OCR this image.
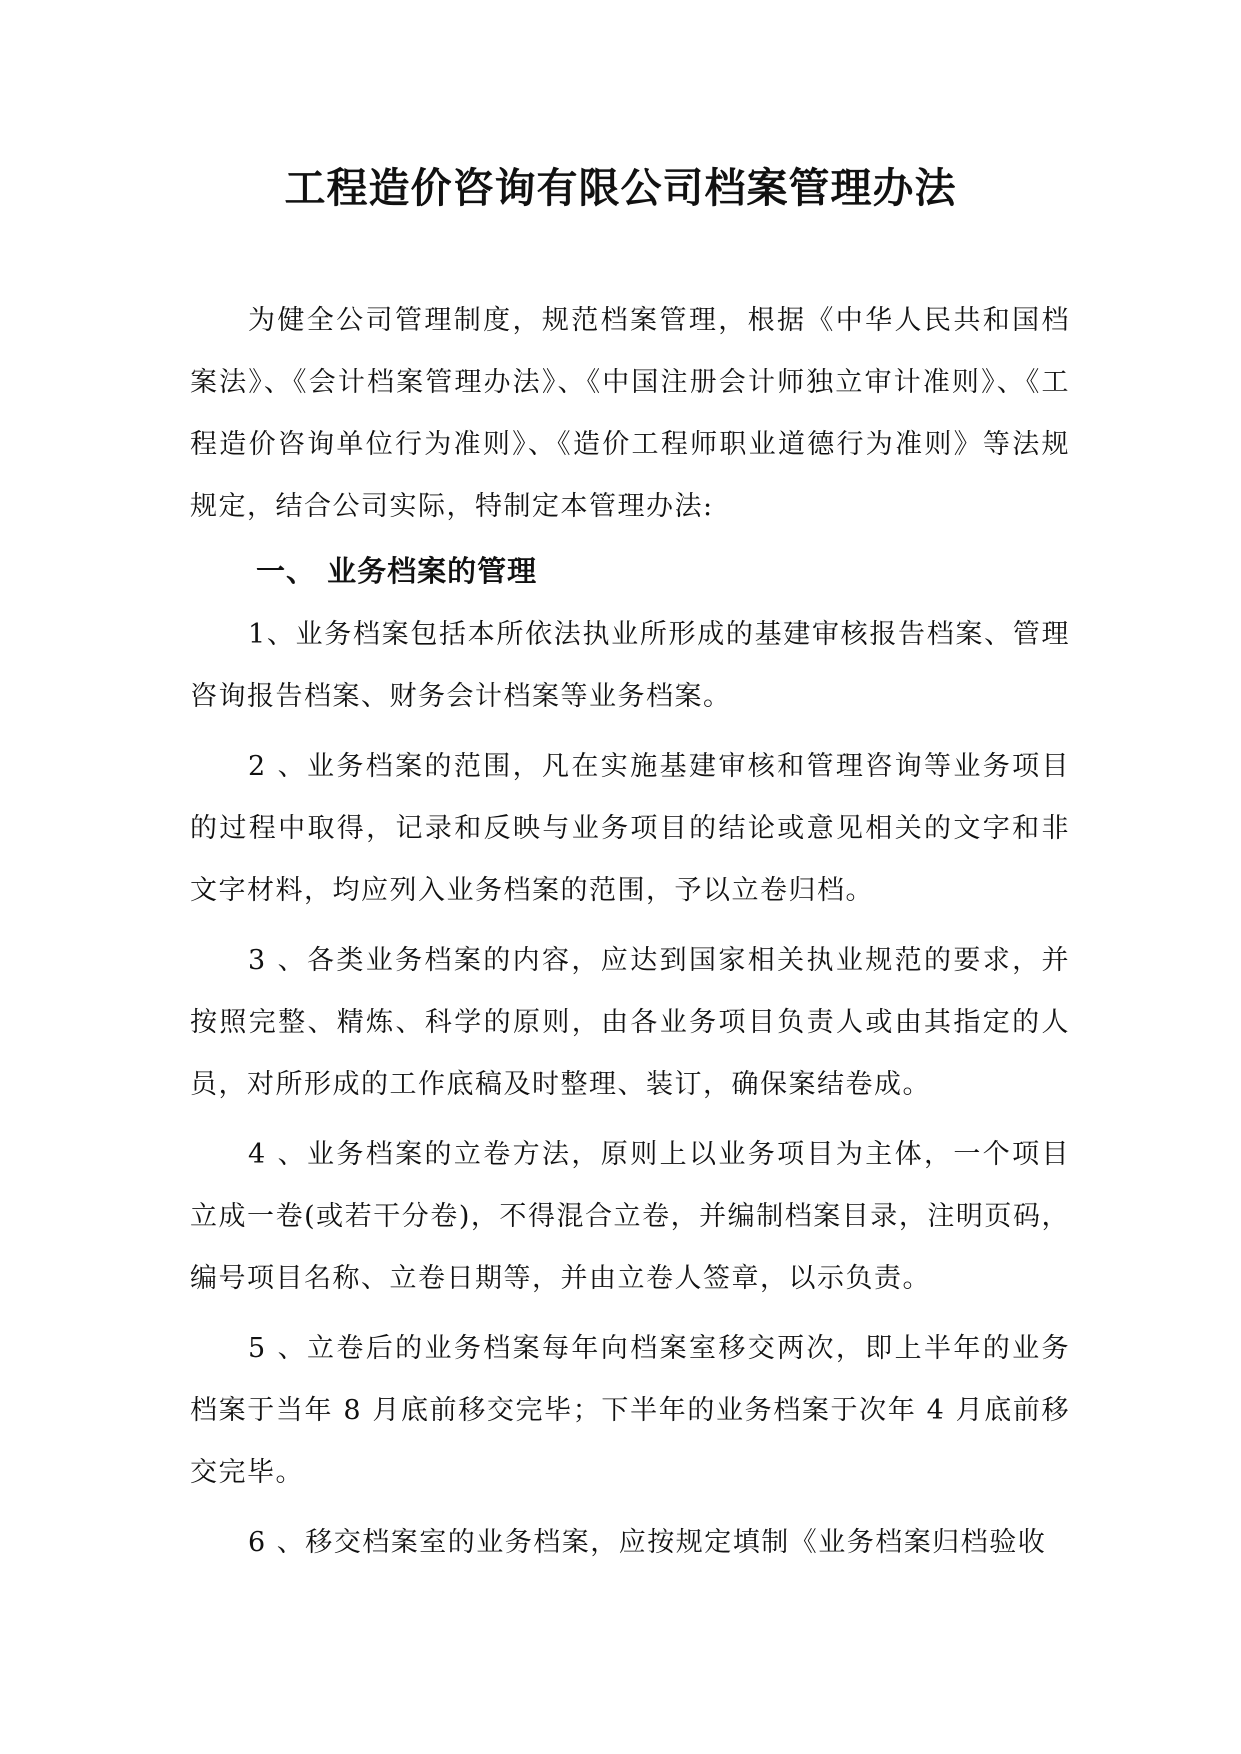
工程造价咨询有限公司档案管理办法

为健全公司管理制度，规范档案管理，根据《中华人民共和国档案法》、《会计档案管理办法》、《中国注册会计师独立审计准则》、《工程造价咨询单位行为准则》、《造价工程师职业道德行为准则》等法规规定，结合公司实际，特制定本管理办法:

一、 业务档案的管理

1、业务档案包括本所依法执业所形成的基建审核报告档案、管理咨询报告档案、财务会计档案等业务档案。

2 、业务档案的范围，凡在实施基建审核和管理咨询等业务项目的过程中取得，记录和反映与业务项目的结论或意见相关的文字和非文字材料，均应列入业务档案的范围，予以立卷归档。

3 、各类业务档案的内容，应达到国家相关执业规范的要求，并按照完整、精炼、科学的原则，由各业务项目负责人或由其指定的人员，对所形成的工作底稿及时整理、装订，确保案结卷成。

4 、业务档案的立卷方法，原则上以业务项目为主体，一个项目立成一卷(或若干分卷)，不得混合立卷，并编制档案目录，注明页码，编号项目名称、立卷日期等，并由立卷人签章，以示负责。

5 、立卷后的业务档案每年向档案室移交两次，即上半年的业务档案于当年 8 月底前移交完毕；下半年的业务档案于次年 4 月底前移交完毕。

6 、移交档案室的业务档案，应按规定填制《业务档案归档验收
